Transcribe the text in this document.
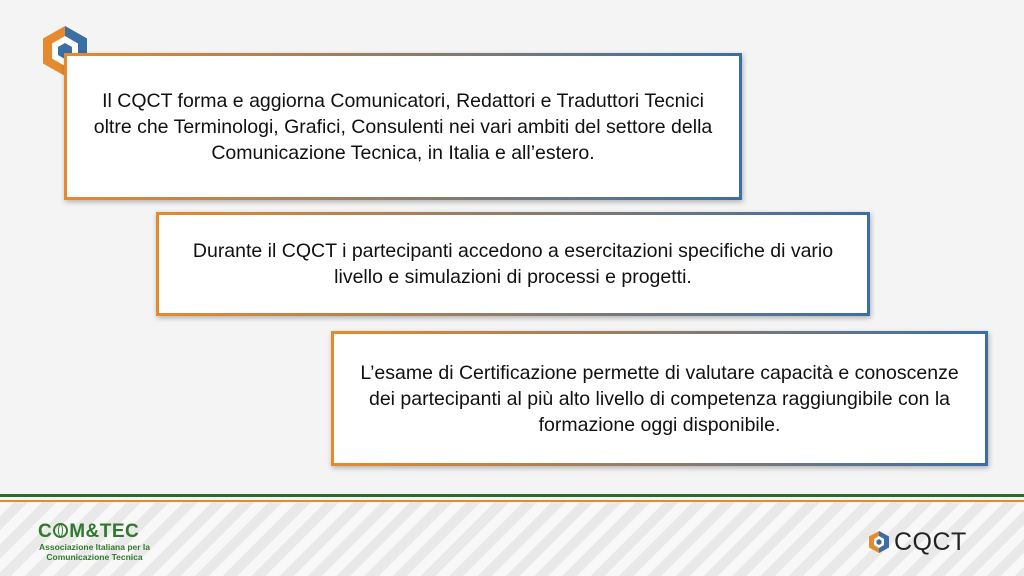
Il CQCT forma e aggiorna Comunicatori, Redattori e Traduttori Tecnici oltre che Terminologi, Grafici, Consulenti nei vari ambiti del settore della Comunicazione Tecnica, in Italia e all’estero.

Durante il CQCT i partecipanti accedono a esercitazioni specifiche di vario livello e simulazioni di processi e progetti.

L’esame di Certificazione permette di valutare capacità e conoscenze dei partecipanti al più alto livello di competenza raggiungibile con la formazione oggi disponibile.

C M&TEC
Associazione Italiana per la
Comunicazione Tecnica
CQCT
